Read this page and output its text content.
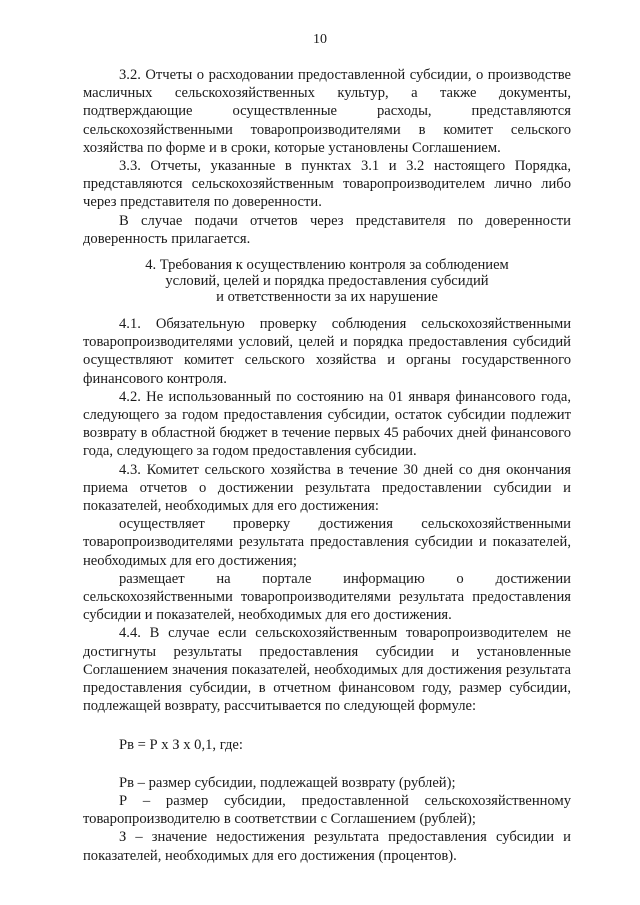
10

3.2. Отчеты о расходовании предоставленной субсидии, о производстве масличных сельскохозяйственных культур, а также документы, подтверждающие осуществленные расходы, представляются сельскохозяйственными товаропроизводителями в комитет сельского хозяйства по форме и в сроки, которые установлены Соглашением.

3.3. Отчеты, указанные в пунктах 3.1 и 3.2 настоящего Порядка, представляются сельскохозяйственным товаропроизводителем лично либо через представителя по доверенности.

В случае подачи отчетов через представителя по доверенности доверенность прилагается.

4. Требования к осуществлению контроля за соблюдением
условий, целей и порядка предоставления субсидий
и ответственности за их нарушение

4.1. Обязательную проверку соблюдения сельскохозяйственными товаропроизводителями условий, целей и порядка предоставления субсидий осуществляют комитет сельского хозяйства и органы государственного финансового контроля.

4.2. Не использованный по состоянию на 01 января финансового года, следующего за годом предоставления субсидии, остаток субсидии подлежит возврату в областной бюджет в течение первых 45 рабочих дней финансового года, следующего за годом предоставления субсидии.

4.3. Комитет сельского хозяйства в течение 30 дней со дня окончания приема отчетов о достижении результата предоставлении субсидии и показателей, необходимых для его достижения:

осуществляет проверку достижения сельскохозяйственными товаропроизводителями результата предоставления субсидии и показателей, необходимых для его достижения;

размещает на портале информацию о достижении сельскохозяйственными товаропроизводителями результата предоставления субсидии и показателей, необходимых для его достижения.

4.4. В случае если сельскохозяйственным товаропроизводителем не достигнуты результаты предоставления субсидии и установленные Соглашением значения показателей, необходимых для достижения результата предоставления субсидии, в отчетном финансовом году, размер субсидии, подлежащей возврату, рассчитывается по следующей формуле:

Рв = Р х З х 0,1, где:

Рв – размер субсидии, подлежащей возврату (рублей);

Р – размер субсидии, предоставленной сельскохозяйственному товаропроизводителю в соответствии с Соглашением (рублей);

З – значение недостижения результата предоставления субсидии и показателей, необходимых для его достижения (процентов).
